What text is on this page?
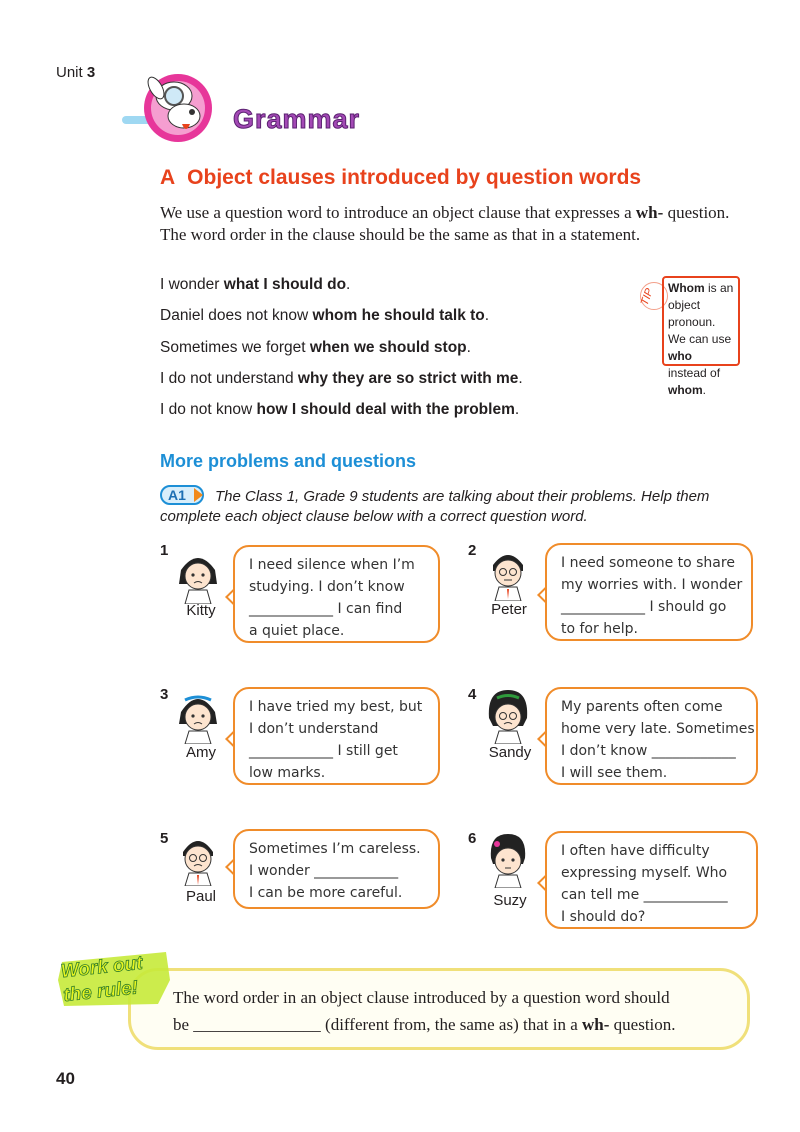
Unit 3
Grammar
A Object clauses introduced by question words
We use a question word to introduce an object clause that expresses a wh- question. The word order in the clause should be the same as that in a statement.
I wonder what I should do.
Daniel does not know whom he should talk to.
Sometimes we forget when we should stop.
I do not understand why they are so strict with me.
I do not know how I should deal with the problem.
TIP	Whom is an
object pronoun.
We can use
who instead of
whom.
More problems and questions
A1	The Class 1, Grade 9 students are talking about their problems. Help them
complete each object clause below with a correct question word.
1
Kitty
I need silence when I’m
studying. I don’t know
____________ I can find
a quiet place.
2
Peter
I need someone to share
my worries with. I wonder
____________ I should go
to for help.
3
Amy
I have tried my best, but
I don’t understand
____________ I still get
low marks.
4
Sandy
My parents often come
home very late. Sometimes
I don’t know ____________
I will see them.
5
Paul
Sometimes I’m careless.
I wonder ____________
I can be more careful.
6
Suzy
I often have difficulty
expressing myself. Who
can tell me ____________
I should do?
Work out
the rule!	The word order in an object clause introduced by a question word should
be _______________ (different from, the same as) that in a wh- question.
40
